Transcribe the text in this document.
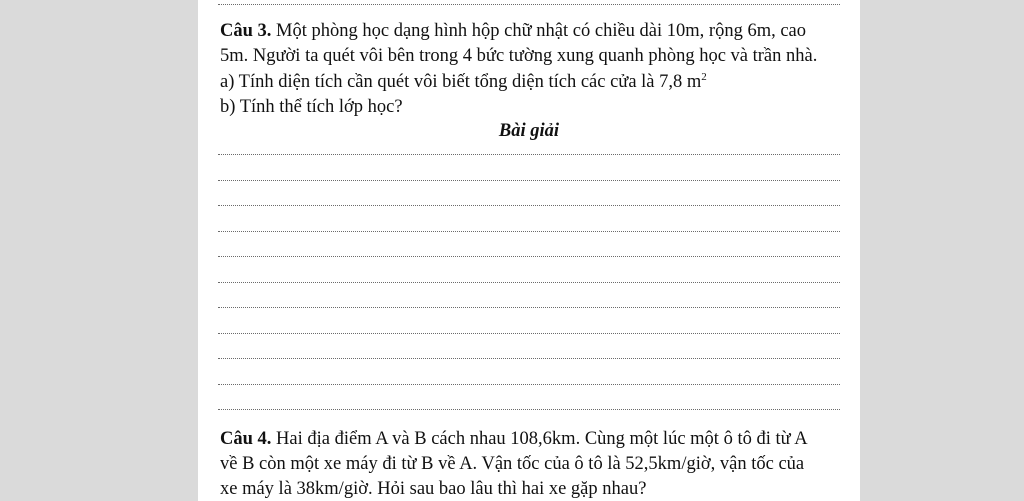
Câu 3. Một phòng học dạng hình hộp chữ nhật có chiều dài 10m, rộng 6m, cao
5m. Người ta quét vôi bên trong 4 bức tường xung quanh phòng học và trần nhà.
a) Tính diện tích cần quét vôi biết tổng diện tích các cửa là 7,8 $m^2$
b) Tính thể tích lớp học?
Bài giải
Câu 4. Hai địa điểm A và B cách nhau 108,6km. Cùng một lúc một ô tô đi từ A
về B còn một xe máy đi từ B về A. Vận tốc của ô tô là 52,5km/giờ, vận tốc của
xe máy là 38km/giờ. Hỏi sau bao lâu thì hai xe gặp nhau?
